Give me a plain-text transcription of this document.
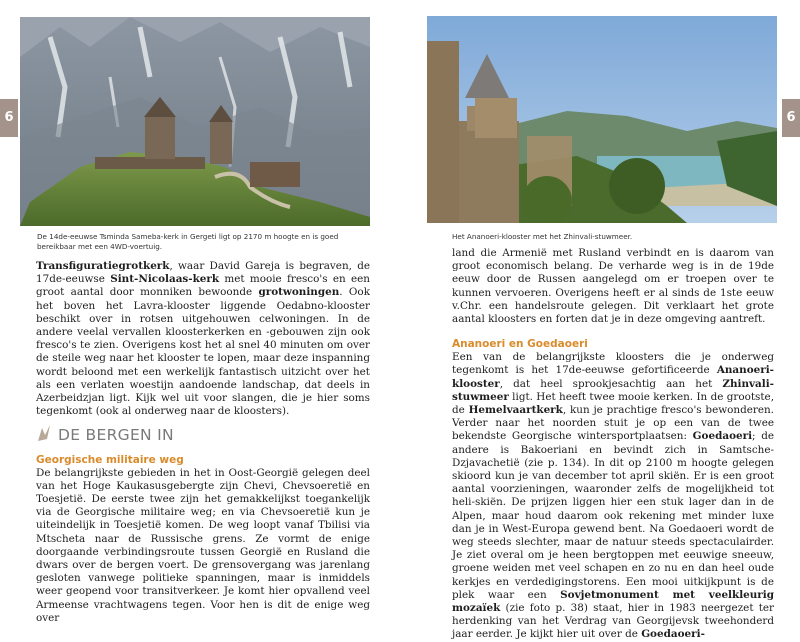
6	6
De 14de-eeuwse Tsminda Sameba-kerk in Gergeti ligt op 2170 m hoogte en is goed bereikbaar met een 4WD-voertuig.
Het Ananoeri-klooster met het Zhinvali-stuwmeer.

Transfiguratiegrotkerk, waar David Gareja is begraven, de 17de-eeuwse Sint-Nicolaas-kerk met mooie fresco's en een groot aantal door monniken bewoonde grotwoningen. Ook het boven het Lavra-klooster liggende Oedabno-klooster beschikt over in rotsen uitgehouwen celwoningen. In de andere veelal vervallen kloosterkerken en -gebouwen zijn ook fresco's te zien. Overigens kost het al snel 40 minuten om over de steile weg naar het klooster te lopen, maar deze inspanning wordt beloond met een werkelijk fantastisch uitzicht over het als een verlaten woestijn aandoende landschap, dat deels in Azerbeidzjan ligt. Kijk wel uit voor slangen, die je hier soms tegenkomt (ook al onderweg naar de kloosters).

DE BERGEN IN

Georgische militaire weg

De belangrijkste gebieden in het in Oost-Georgië gelegen deel van het Hoge Kaukasusgebergte zijn Chevi, Chevsoeretië en Toesjetië. De eerste twee zijn het gemakkelijkst toegankelijk via de Georgische militaire weg; en via Chevsoeretië kun je uiteindelijk in Toesjetië komen. De weg loopt vanaf Tbilisi via Mtscheta naar de Russische grens. Ze vormt de enige doorgaande verbindingsroute tussen Georgië en Rusland die dwars over de bergen voert. De grensovergang was jarenlang gesloten vanwege politieke spanningen, maar is inmiddels weer geopend voor transitverkeer. Je komt hier opvallend veel Armeense vrachtwagens tegen. Voor hen is dit de enige weg over

land die Armenië met Rusland verbindt en is daarom van groot economisch belang. De verharde weg is in de 19de eeuw door de Russen aangelegd om er troepen over te kunnen vervoeren. Overigens heeft er al sinds de 1ste eeuw v.Chr. een handelsroute gelegen. Dit verklaart het grote aantal kloosters en forten dat je in deze omgeving aantreft.

Ananoeri en Goedaoeri

Een van de belangrijkste kloosters die je onderweg tegenkomt is het 17de-eeuwse gefortificeerde Ananoeri-klooster, dat heel sprookjesachtig aan het Zhinvali-stuwmeer ligt. Het heeft twee mooie kerken. In de grootste, de Hemelvaartkerk, kun je prachtige fresco's bewonderen. Verder naar het noorden stuit je op een van de twee bekendste Georgische wintersportplaatsen: Goedaoeri; de andere is Bakoeriani en bevindt zich in Samtsche-Dzjavachetië (zie p. 134). In dit op 2100 m hoogte gelegen skioord kun je van december tot april skiën. Er is een groot aantal voorzieningen, waaronder zelfs de mogelijkheid tot heli-skiën. De prijzen liggen hier een stuk lager dan in de Alpen, maar houd daarom ook rekening met minder luxe dan je in West-Europa gewend bent. Na Goedaoeri wordt de weg steeds slechter, maar de natuur steeds spectaculairder. Je ziet overal om je heen bergtoppen met eeuwige sneeuw, groene weiden met veel schapen en zo nu en dan heel oude kerkjes en verdedigingstorens. Een mooi uitkijkpunt is de plek waar een Sovjetmonument met veelkleurig mozaïek (zie foto p. 38) staat, hier in 1983 neergezet ter herdenking van het Verdrag van Georgijevsk tweehonderd jaar eerder. Je kijkt hier uit over de Goedaoeri-
